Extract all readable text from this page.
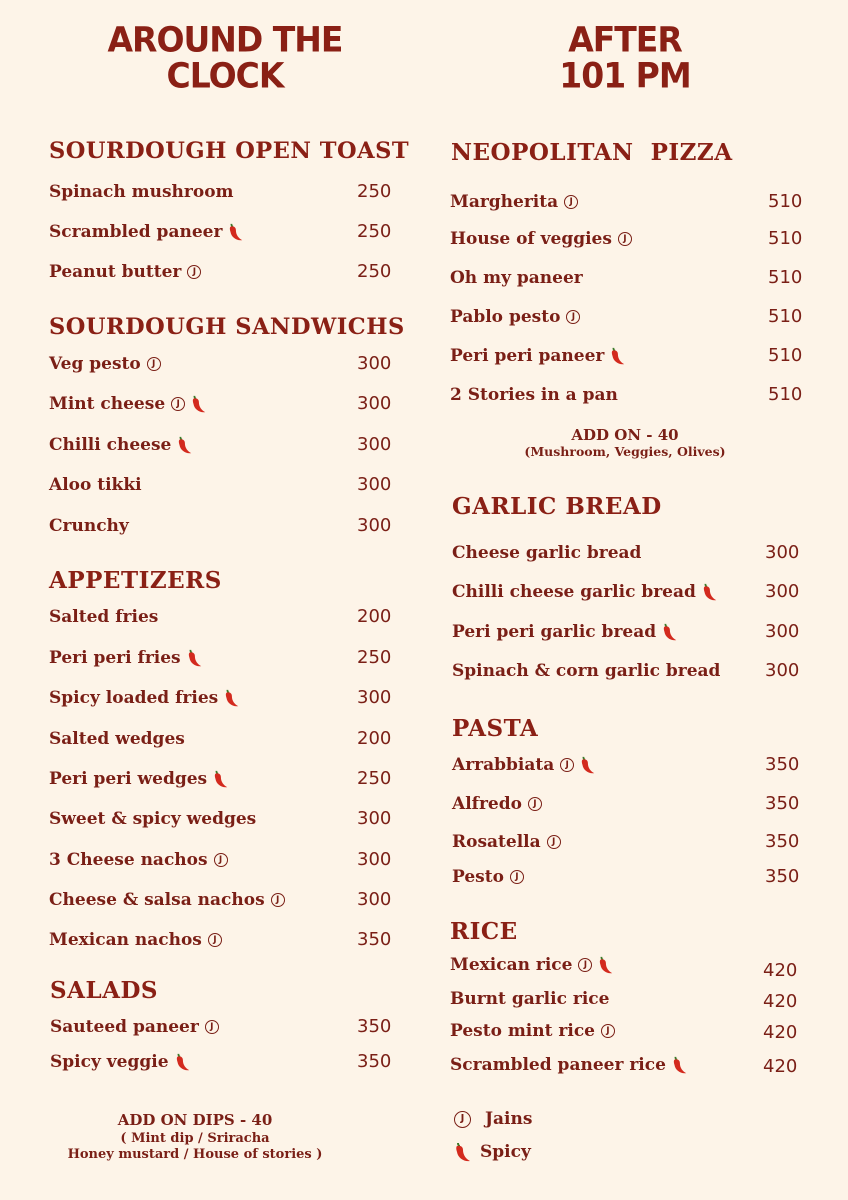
AROUND THE
CLOCK
AFTER
101 PM
SOURDOUGH OPEN TOAST
SOURDOUGH SANDWICHS
APPETIZERS
SALADS
NEOPOLITAN  PIZZA
GARLIC BREAD
PASTA
RICE
Spinach mushroom	250
Scrambled paneer	250
Peanut butter	J	250
Veg pesto	J	300
Mint cheese	J	300
Chilli cheese	300
Aloo tikki	300
Crunchy	300
Salted fries	200
Peri peri fries	250
Spicy loaded fries	300
Salted wedges	200
Peri peri wedges	250
Sweet & spicy wedges	300
3 Cheese nachos	J	300
Cheese & salsa nachos	J	300
Mexican nachos	J	350
Sauteed paneer	J	350
Spicy veggie	350
Margherita	J	510
House of veggies	J	510
Oh my paneer	510
Pablo pesto	J	510
Peri peri paneer	510
2 Stories in a pan	510
Cheese garlic bread	300
Chilli cheese garlic bread	300
Peri peri garlic bread	300
Spinach & corn garlic bread 300
Arrabbiata	J	350
Alfredo	J	350
Rosatella	J	350
Pesto	J	350
Mexican rice	J	420
Burnt garlic rice	420
Pesto mint rice	J	420
Scrambled paneer rice	420
ADD ON - 40
(Mushroom, Veggies, Olives)
ADD ON DIPS - 40
( Mint dip / Sriracha
Honey mustard / House of stories )
J	Jains
Spicy
